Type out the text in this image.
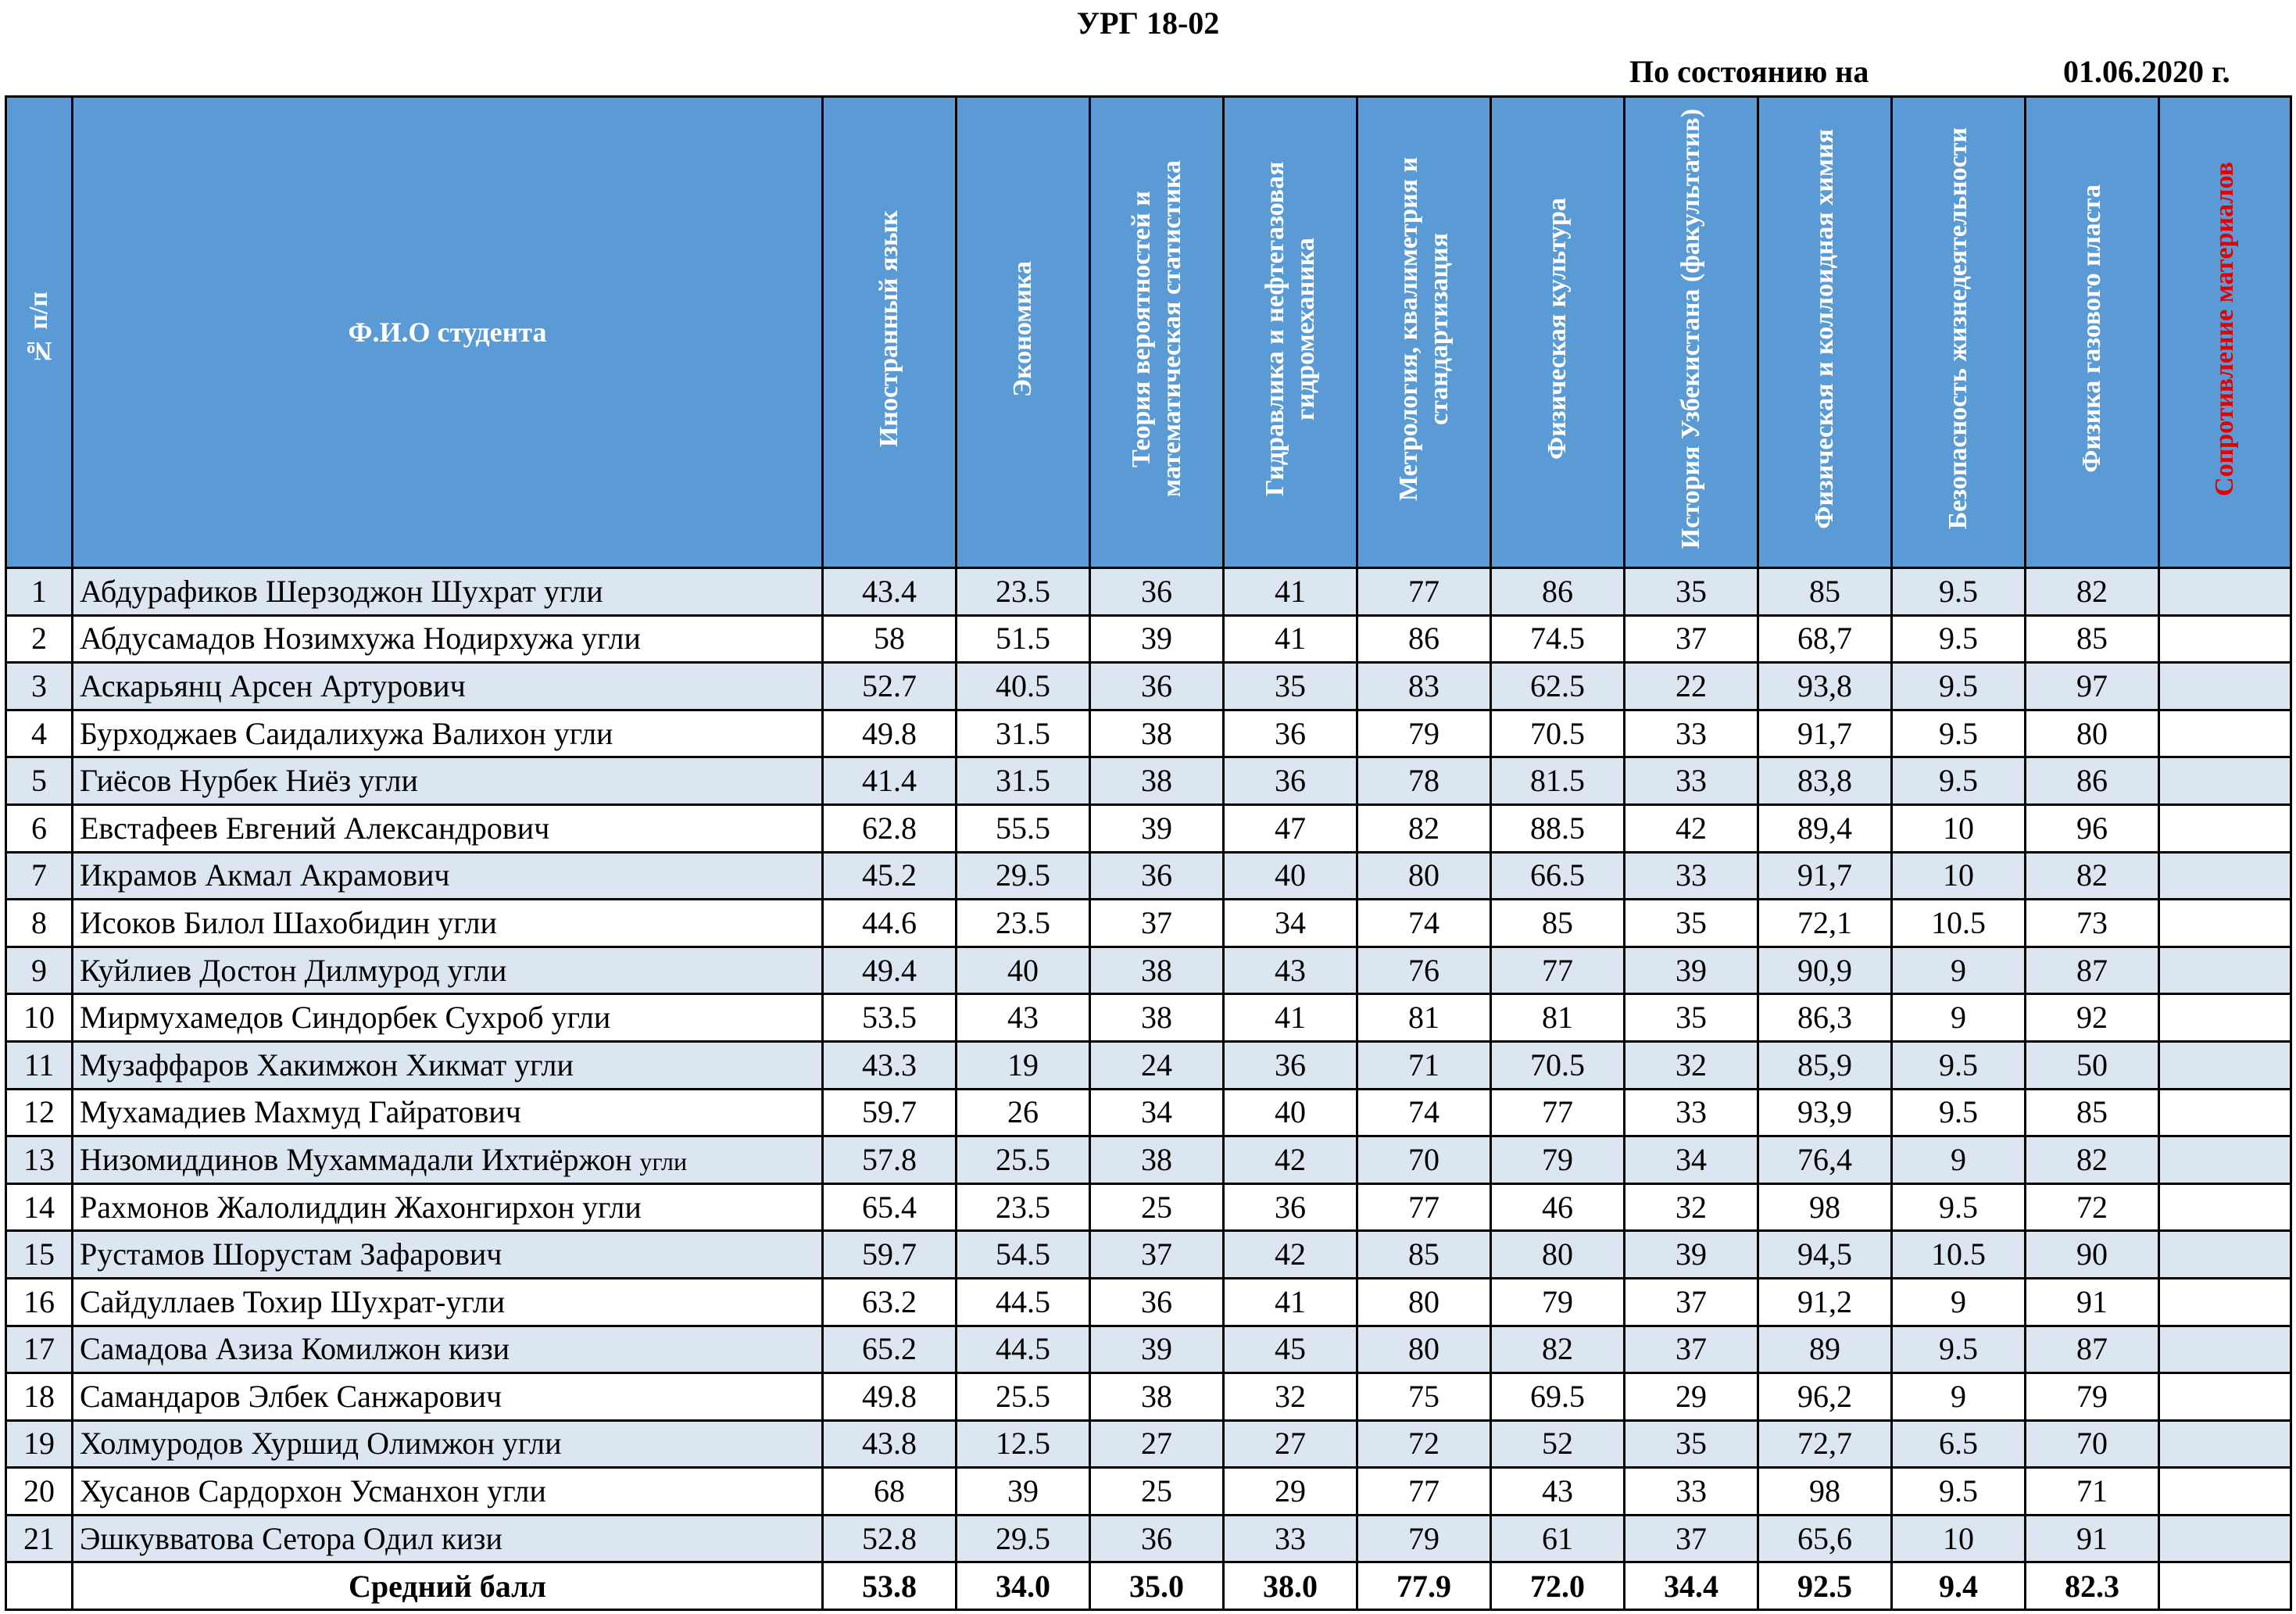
УРГ 18-02
По состоянию на	01.06.2020 г.
№ п/п	Ф.И.О студента	Иностранный язык	Экономика	Теория вероятностей и математическая статистика	Гидравлика и нефтегазовая гидромеханика	Метрология, квалиметрия и стандартизация	Физическая культура	История Узбекистана (факультатив)	Физическая и коллоидная химия	Безопасность жизнедеятельности	Физика газового пласта	Сопротивление материалов
1	Абдурафиков Шерзоджон Шухрат угли	43.4	23.5	36	41	77	86	35	85	9.5	82	
2	Абдусамадов Нозимхужа Нодирхужа угли	58	51.5	39	41	86	74.5	37	68,7	9.5	85	
3	Аскарьянц Арсен Артурович	52.7	40.5	36	35	83	62.5	22	93,8	9.5	97	
4	Бурходжаев Саидалихужа Валихон угли	49.8	31.5	38	36	79	70.5	33	91,7	9.5	80	
5	Гиёсов Нурбек Ниёз угли	41.4	31.5	38	36	78	81.5	33	83,8	9.5	86	
6	Евстафеев Евгений Александрович	62.8	55.5	39	47	82	88.5	42	89,4	10	96	
7	Икрамов Акмал Акрамович	45.2	29.5	36	40	80	66.5	33	91,7	10	82	
8	Исоков Билол Шахобидин угли	44.6	23.5	37	34	74	85	35	72,1	10.5	73	
9	Куйлиев Достон Дилмурод угли	49.4	40	38	43	76	77	39	90,9	9	87	
10	Мирмухамедов Синдорбек Сухроб угли	53.5	43	38	41	81	81	35	86,3	9	92	
11	Музаффаров Хакимжон Хикмат угли	43.3	19	24	36	71	70.5	32	85,9	9.5	50	
12	Мухамадиев Махмуд Гайратович	59.7	26	34	40	74	77	33	93,9	9.5	85	
13	Низомиддинов Мухаммадали Ихтиёржон угли	57.8	25.5	38	42	70	79	34	76,4	9	82	
14	Рахмонов Жалолиддин Жахонгирхон угли	65.4	23.5	25	36	77	46	32	98	9.5	72	
15	Рустамов Шорустам Зафарович	59.7	54.5	37	42	85	80	39	94,5	10.5	90	
16	Сайдуллаев Тохир Шухрат-угли	63.2	44.5	36	41	80	79	37	91,2	9	91	
17	Самадова Азиза Комилжон кизи	65.2	44.5	39	45	80	82	37	89	9.5	87	
18	Самандаров Элбек Санжарович	49.8	25.5	38	32	75	69.5	29	96,2	9	79	
19	Холмуродов Хуршид Олимжон угли	43.8	12.5	27	27	72	52	35	72,7	6.5	70	
20	Хусанов Сардорхон Усманхон угли	68	39	25	29	77	43	33	98	9.5	71	
21	Эшкувватова Сетора Одил кизи	52.8	29.5	36	33	79	61	37	65,6	10	91	
	Средний балл	53.8	34.0	35.0	38.0	77.9	72.0	34.4	92.5	9.4	82.3	
